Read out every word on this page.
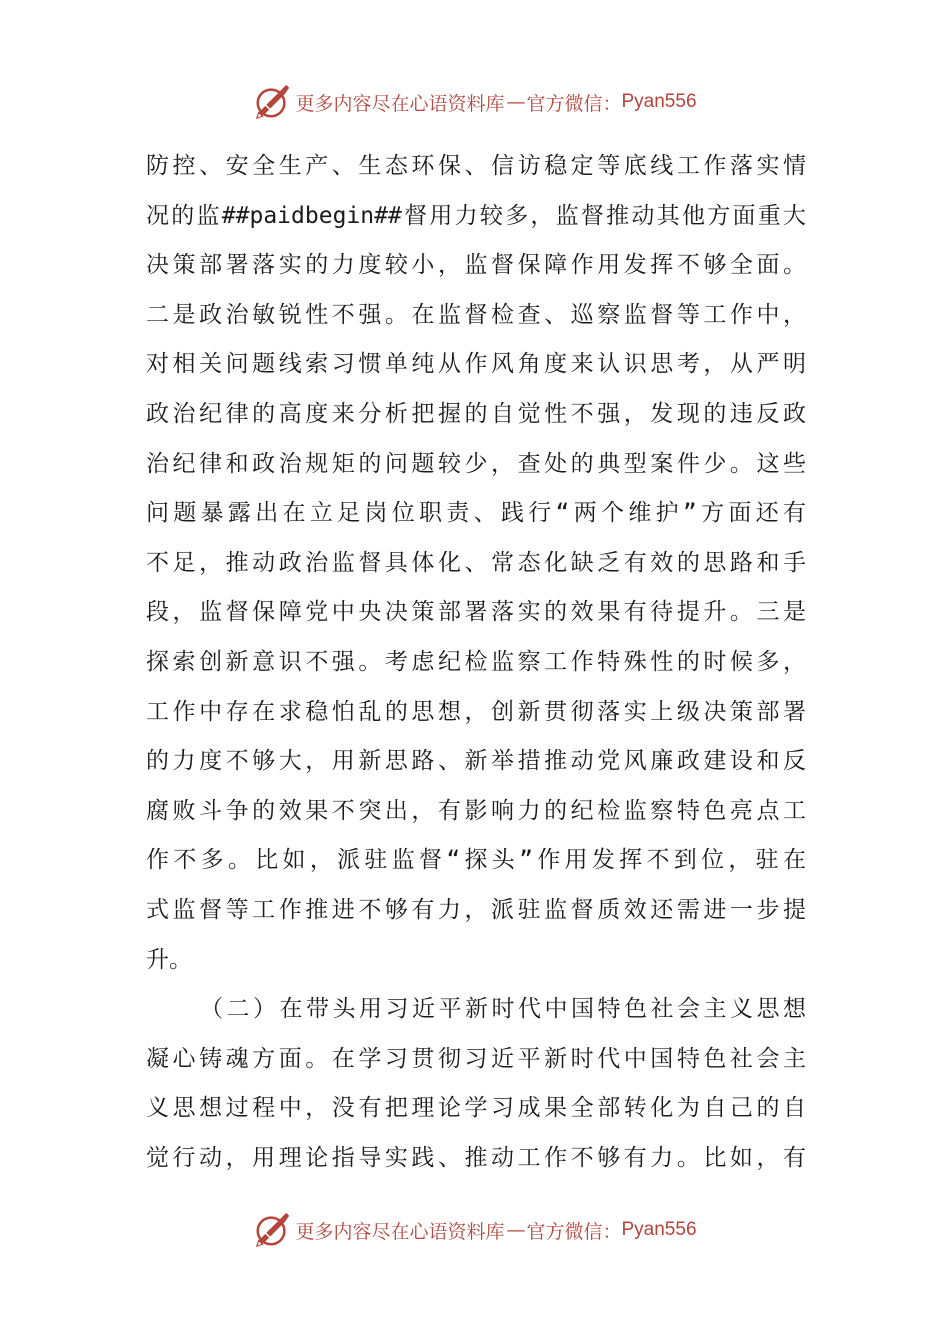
更多内容尽在心语资料库 — 官方微信： Pyan556
防控、安全生产、生态环保、信访稳定等底线工作落实情
况的监##paidbegin##督用力较多，监督推动其他方面重大
决策部署落实的力度较小，监督保障作用发挥不够全面。
二是政治敏锐性不强。在监督检查、巡察监督等工作中，
对相关问题线索习惯单纯从作风角度来认识思考，从严明
政治纪律的高度来分析把握的自觉性不强，发现的违反政
治纪律和政治规矩的问题较少，查处的典型案件少。这些
问题暴露出在立足岗位职责、践行“两个维护”方面还有
不足，推动政治监督具体化、常态化缺乏有效的思路和手
段，监督保障党中央决策部署落实的效果有待提升。三是
探索创新意识不强。考虑纪检监察工作特殊性的时候多，
工作中存在求稳怕乱的思想，创新贯彻落实上级决策部署
的力度不够大，用新思路、新举措推动党风廉政建设和反
腐败斗争的效果不突出，有影响力的纪检监察特色亮点工
作不多。比如，派驻监督“探头”作用发挥不到位，驻在
式监督等工作推进不够有力，派驻监督质效还需进一步提
升。
（二）在带头用习近平新时代中国特色社会主义思想
凝心铸魂方面。在学习贯彻习近平新时代中国特色社会主
义思想过程中，没有把理论学习成果全部转化为自己的自
觉行动，用理论指导实践、推动工作不够有力。比如，有
更多内容尽在心语资料库 — 官方微信： Pyan556
